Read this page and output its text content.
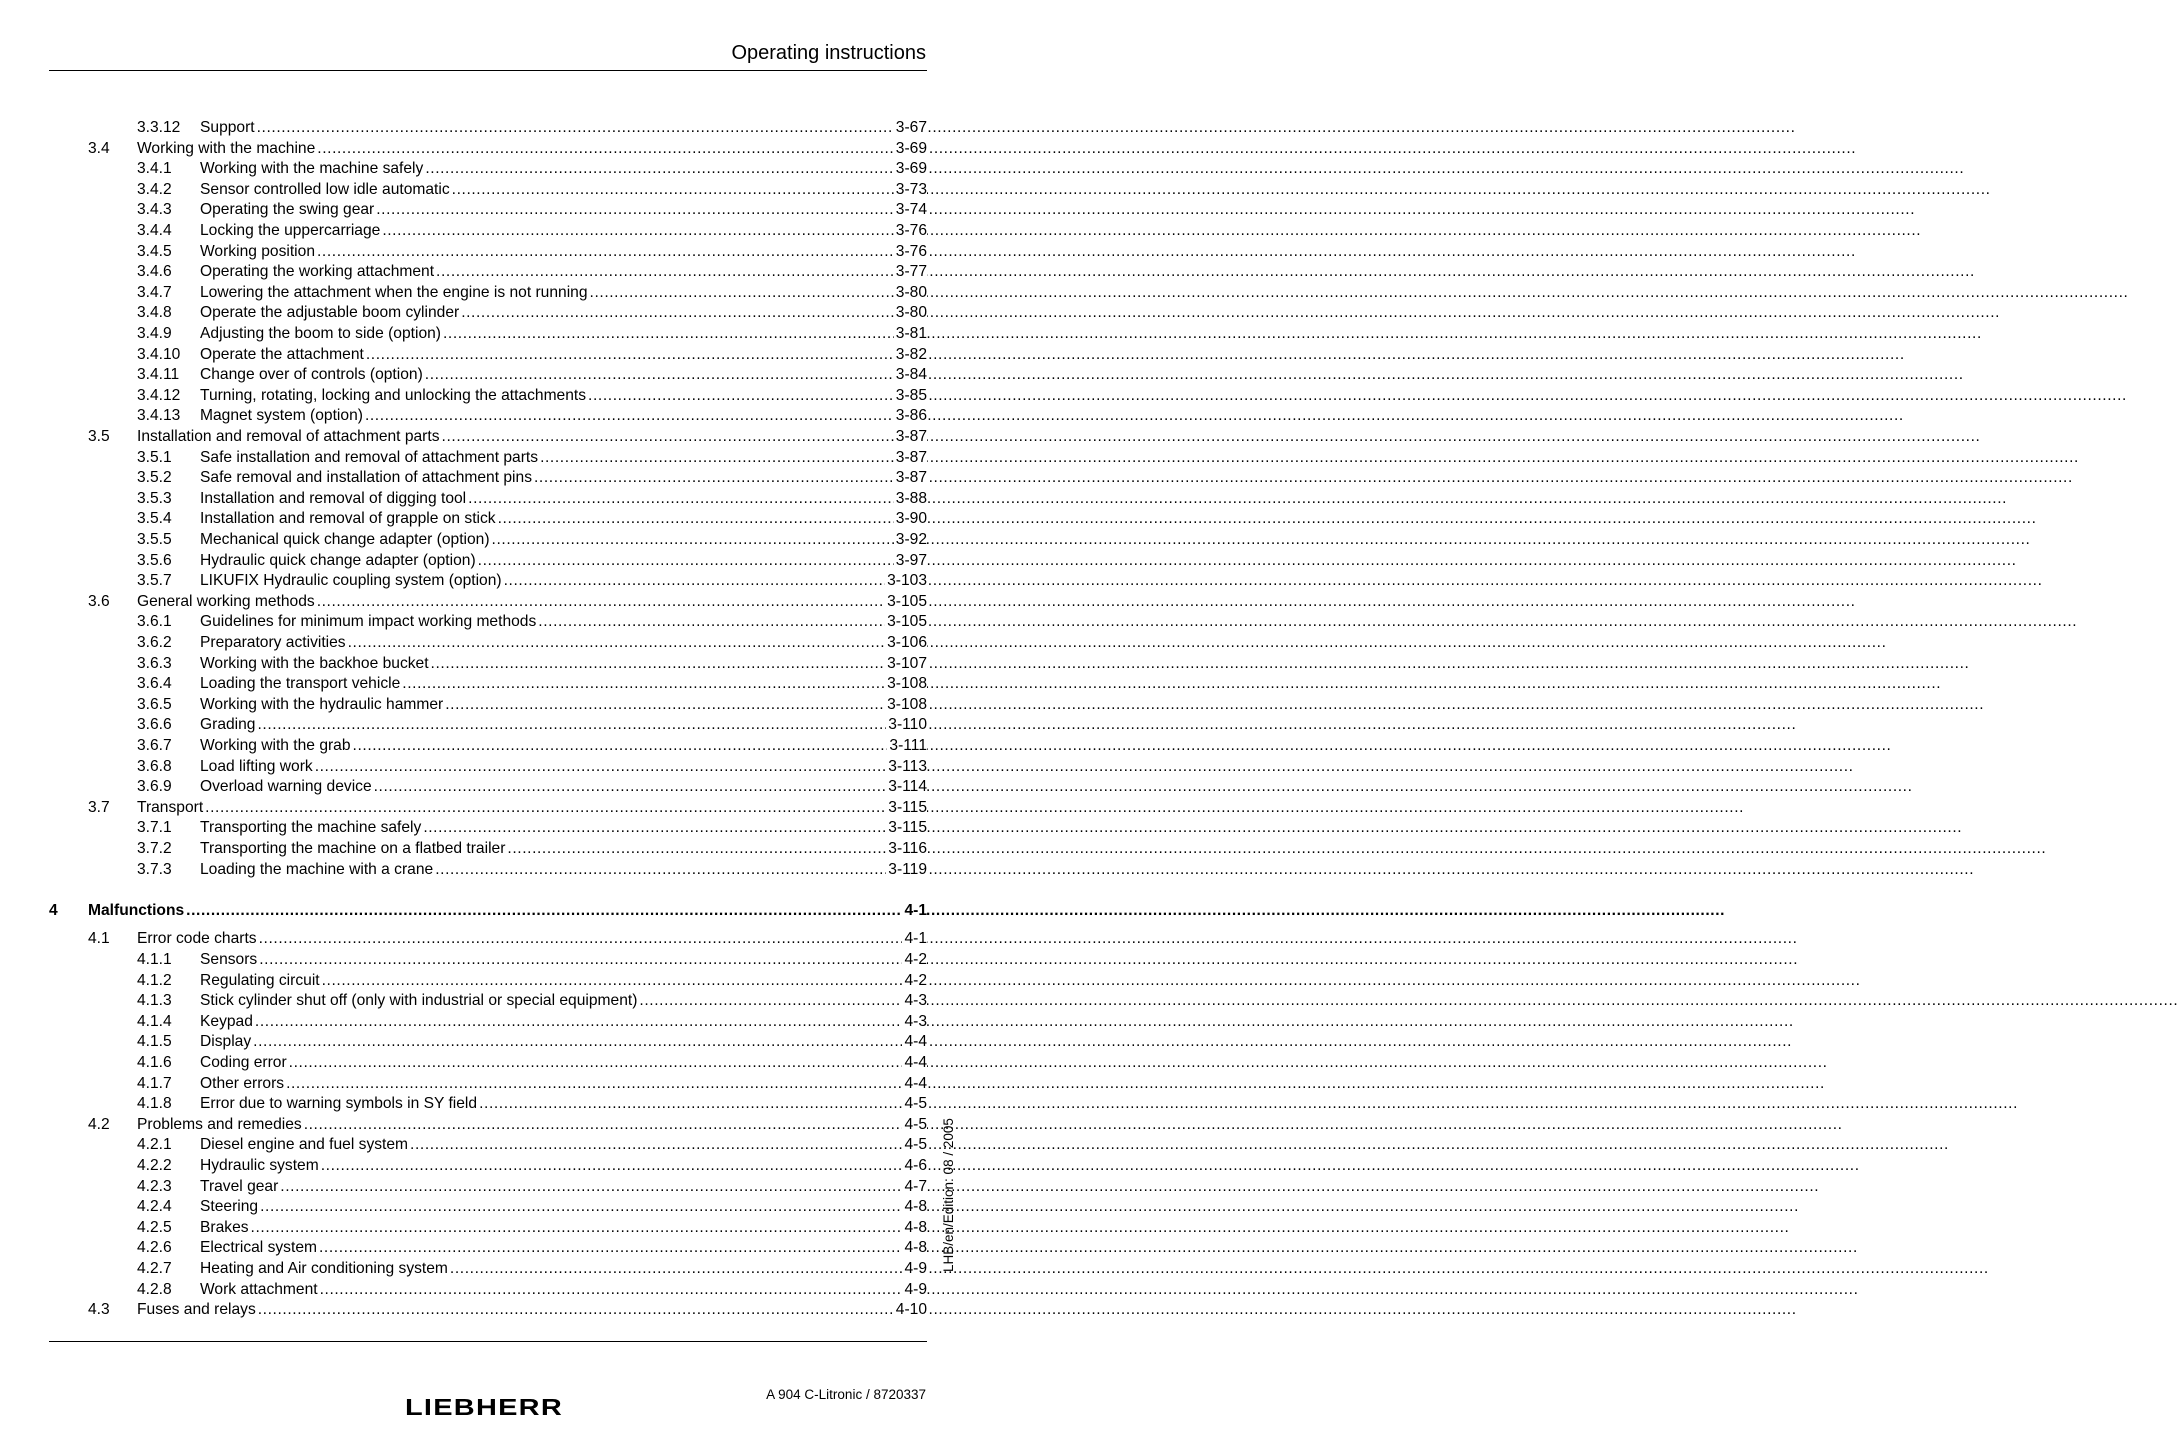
Operating instructions
3.3.12 Support .....	3-67
3.4 Working with the machine .....	3-69
3.4.1 Working with the machine safely .....	3-69
3.4.2 Sensor controlled low idle automatic .....	3-73
3.4.3 Operating the swing gear .....	3-74
3.4.4 Locking the uppercarriage .....	3-76
3.4.5 Working position .....	3-76
3.4.6 Operating the working attachment .....	3-77
3.4.7 Lowering the attachment when the engine is not running .....	3-80
3.4.8 Operate the adjustable boom cylinder .....	3-80
3.4.9 Adjusting the boom to side (option) .....	3-81
3.4.10 Operate the attachment .....	3-82
3.4.11 Change over of controls (option) .....	3-84
3.4.12 Turning, rotating, locking and unlocking the attachments .....	3-85
3.4.13 Magnet system (option) .....	3-86
3.5 Installation and removal of attachment parts .....	3-87
3.5.1 Safe installation and removal of attachment parts .....	3-87
3.5.2 Safe removal and installation of attachment pins .....	3-87
3.5.3 Installation and removal of digging tool .....	3-88
3.5.4 Installation and removal of grapple on stick .....	3-90
3.5.5 Mechanical quick change adapter (option) .....	3-92
3.5.6 Hydraulic quick change adapter (option) .....	3-97
3.5.7 LIKUFIX Hydraulic coupling system (option) .....	3-103
3.6 General working methods .....	3-105
3.6.1 Guidelines for minimum impact working methods .....	3-105
3.6.2 Preparatory activities .....	3-106
3.6.3 Working with the backhoe bucket .....	3-107
3.6.4 Loading the transport vehicle .....	3-108
3.6.5 Working with the hydraulic hammer .....	3-108
3.6.6 Grading .....	3-110
3.6.7 Working with the grab .....	3-111
3.6.8 Load lifting work .....	3-113
3.6.9 Overload warning device .....	3-114
3.7 Transport .....	3-115
3.7.1 Transporting the machine safely .....	3-115
3.7.2 Transporting the machine on a flatbed trailer .....	3-116
3.7.3 Loading the machine with a crane .....	3-119
4 Malfunctions .....	4-1
4.1 Error code charts .....	4-1
4.1.1 Sensors .....	4-2
4.1.2 Regulating circuit .....	4-2
4.1.3 Stick cylinder shut off (only with industrial or special equipment) .....	4-3
4.1.4 Keypad .....	4-3
4.1.5 Display .....	4-4
4.1.6 Coding error .....	4-4
4.1.7 Other errors .....	4-4
4.1.8 Error due to warning symbols in SY field .....	4-5
4.2 Problems and remedies .....	4-5
4.2.1 Diesel engine and fuel system .....	4-5
4.2.2 Hydraulic system .....	4-6
4.2.3 Travel gear .....	4-7
4.2.4 Steering .....	4-8
4.2.5 Brakes .....	4-8
4.2.6 Electrical system .....	4-8
4.2.7 Heating and Air conditioning system .....	4-9
4.2.8 Work attachment .....	4-9
4.3 Fuses and relays .....	4-10
LHB/en/Edition: 08 / 2005
A 904 C-Litronic / 8720337
LIEBHERR
